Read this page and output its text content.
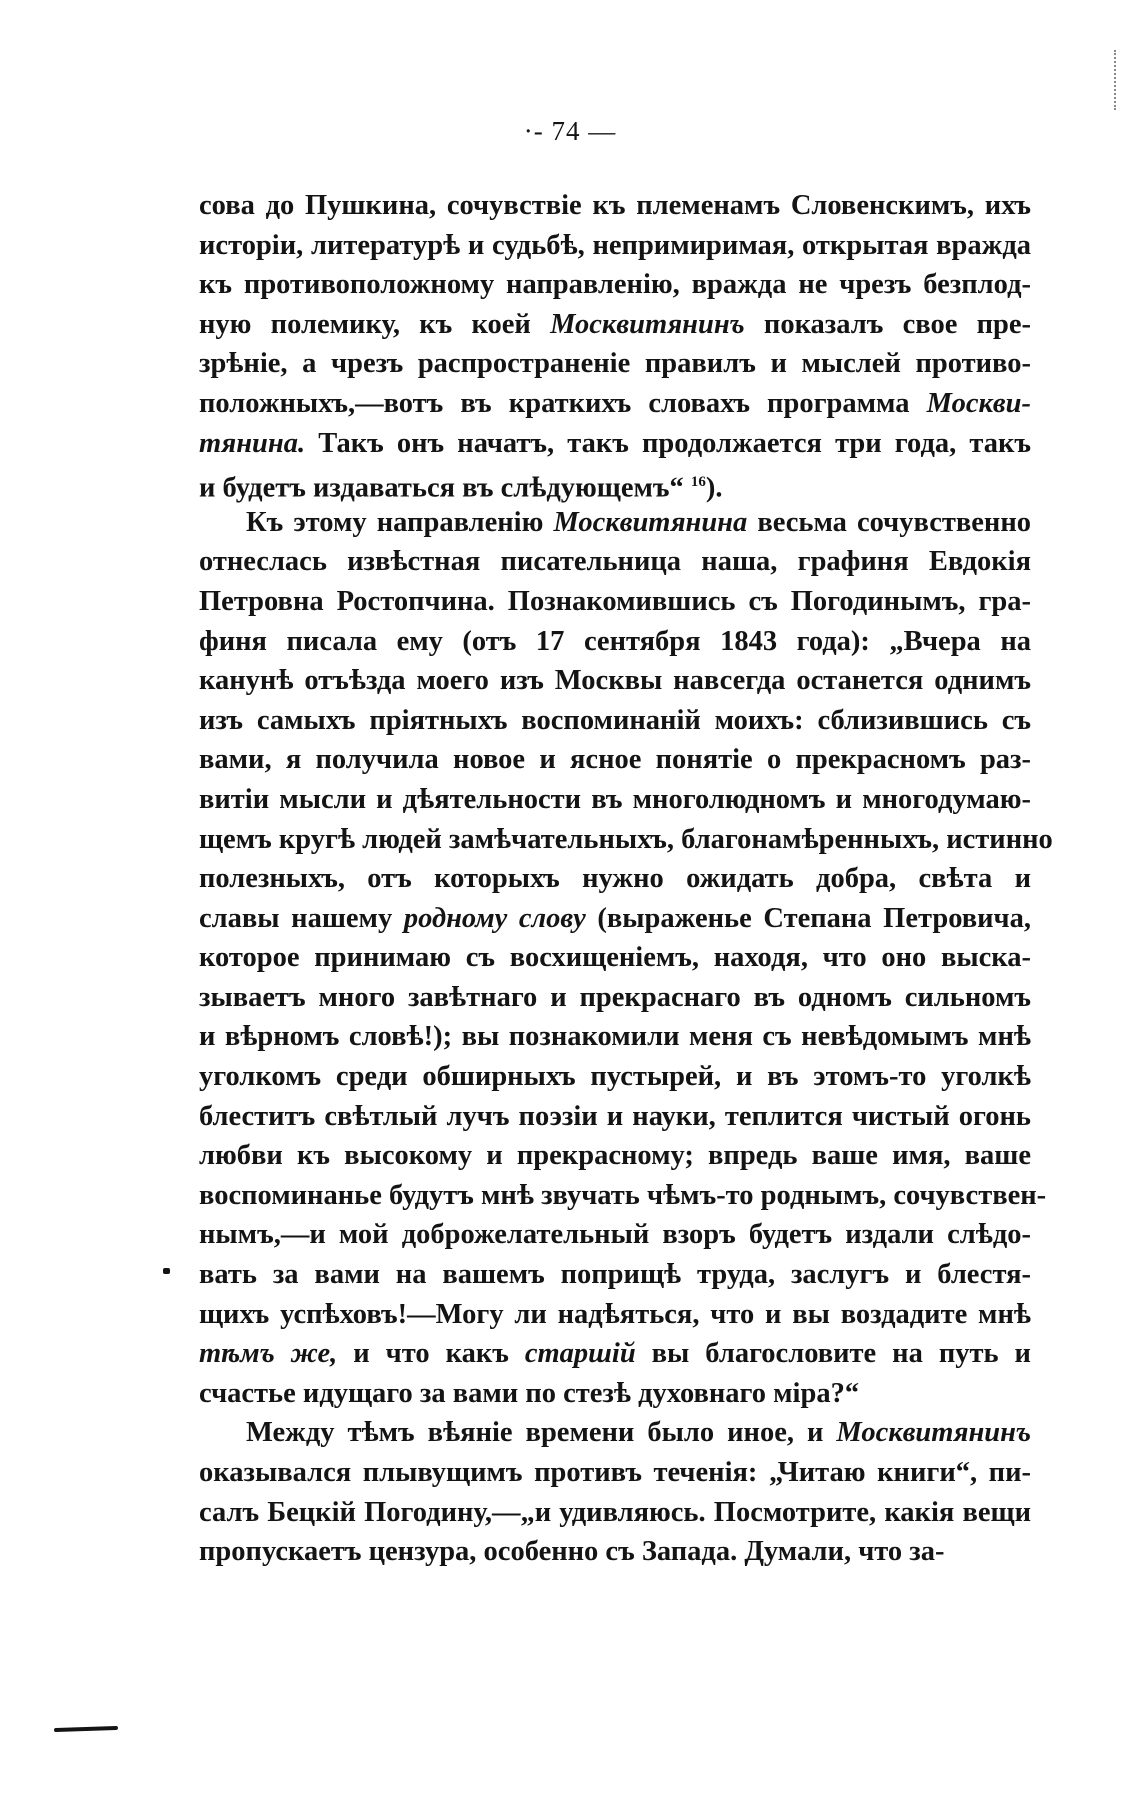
·- 74 —
сова до Пушкина, сочувствіе къ племенамъ Словенскимъ, ихъ
исторіи, литературѣ и судьбѣ, непримиримая, открытая вражда
къ противоположному направленію, вражда не чрезъ безплод-
ную полемику, къ коей Москвитянинъ показалъ свое пре-
зрѣніе, а чрезъ распространеніе правилъ и мыслей противо-
положныхъ,—вотъ въ краткихъ словахъ программа Москви-
тянина. Такъ онъ начатъ, такъ продолжается три года, такъ
и будетъ издаваться въ слѣдующемъ“ $^{16}$).
Къ этому направленію Москвитянина весьма сочувственно
отнеслась извѣстная писательница наша, графиня Евдокія
Петровна Ростопчина. Познакомившись съ Погодинымъ, гра-
финя писала ему (отъ 17 сентября 1843 года): „Вчера на
канунѣ отъѣзда моего изъ Москвы навсегда останется однимъ
изъ самыхъ пріятныхъ воспоминаній моихъ: сблизившись съ
вами, я получила новое и ясное понятіе о прекрасномъ раз-
витіи мысли и дѣятельности въ многолюдномъ и многодумаю-
щемъ кругѣ людей замѣчательныхъ, благонамѣренныхъ, истинно
полезныхъ, отъ которыхъ нужно ожидать добра, свѣта и
славы нашему родному слову (выраженье Степана Петровича,
которое принимаю съ восхищеніемъ, находя, что оно выска-
зываетъ много завѣтнаго и прекраснаго въ одномъ сильномъ
и вѣрномъ словѣ!); вы познакомили меня съ невѣдомымъ мнѣ
уголкомъ среди обширныхъ пустырей, и въ этомъ-то уголкѣ
блеститъ свѣтлый лучъ поэзіи и науки, теплится чистый огонь
любви къ высокому и прекрасному; впредь ваше имя, ваше
воспоминанье будутъ мнѣ звучать чѣмъ-то роднымъ, сочувствен-
нымъ,—и мой доброжелательный взоръ будетъ издали слѣдо-
вать за вами на вашемъ поприщѣ труда, заслугъ и блестя-
щихъ успѣховъ!—Могу ли надѣяться, что и вы воздадите мнѣ
тѣмъ же, и что какъ старшій вы благословите на путь и
счастье идущаго за вами по стезѣ духовнаго міра?“
Между тѣмъ вѣяніе времени было иное, и Москвитянинъ
оказывался плывущимъ противъ теченія: „Читаю книги“, пи-
салъ Бецкій Погодину,—„и удивляюсь. Посмотрите, какія вещи
пропускаетъ цензура, особенно съ Запада. Думали, что за-
